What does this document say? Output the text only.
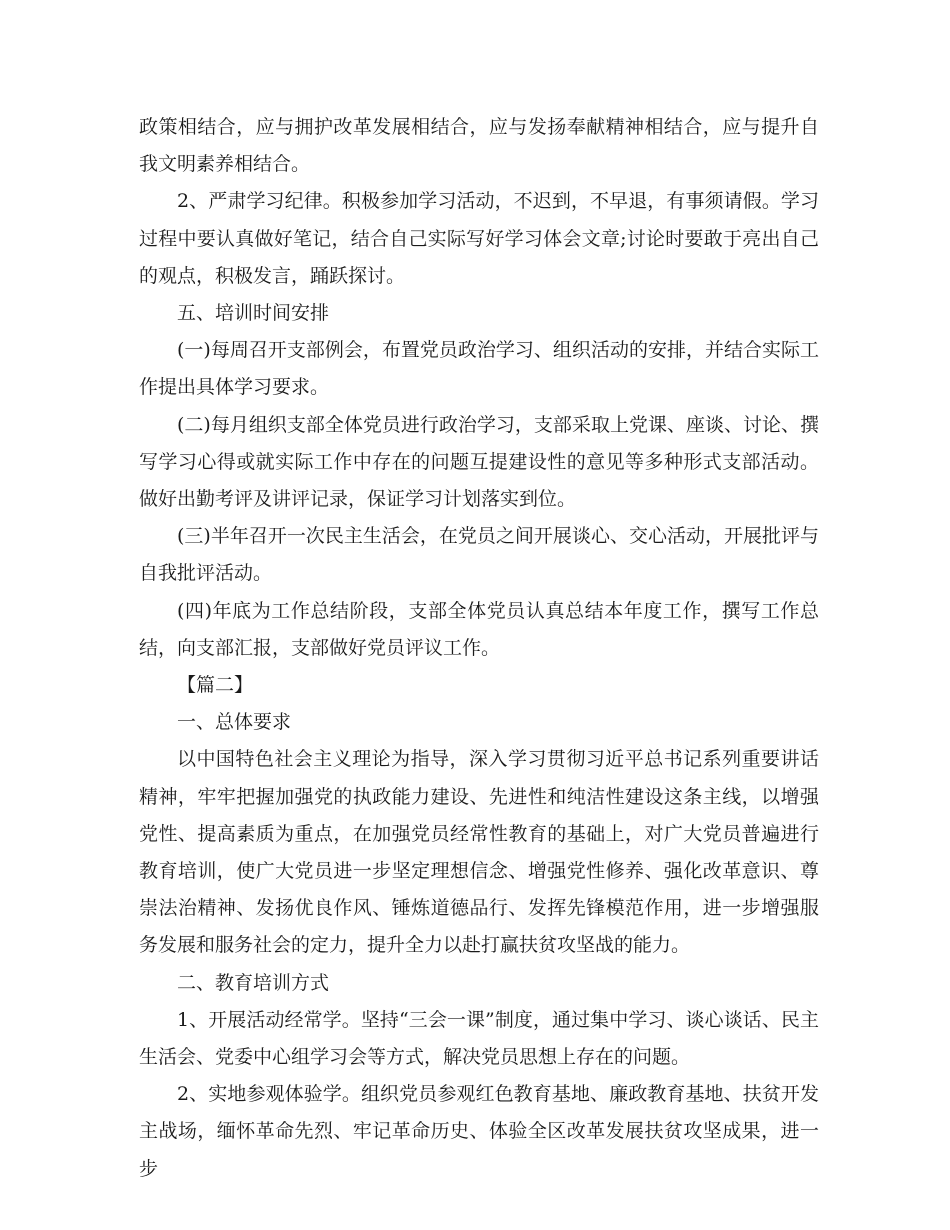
政策相结合，应与拥护改革发展相结合，应与发扬奉献精神相结合，应与提升自我文明素养相结合。

2、严肃学习纪律。积极参加学习活动，不迟到，不早退，有事须请假。学习过程中要认真做好笔记，结合自己实际写好学习体会文章;讨论时要敢于亮出自己的观点，积极发言，踊跃探讨。

五、培训时间安排

(一)每周召开支部例会，布置党员政治学习、组织活动的安排，并结合实际工作提出具体学习要求。

(二)每月组织支部全体党员进行政治学习，支部采取上党课、座谈、讨论、撰写学习心得或就实际工作中存在的问题互提建设性的意见等多种形式支部活动。做好出勤考评及讲评记录，保证学习计划落实到位。

(三)半年召开一次民主生活会，在党员之间开展谈心、交心活动，开展批评与自我批评活动。

(四)年底为工作总结阶段，支部全体党员认真总结本年度工作，撰写工作总结，向支部汇报，支部做好党员评议工作。

【篇二】

一、总体要求

以中国特色社会主义理论为指导，深入学习贯彻习近平总书记系列重要讲话精神，牢牢把握加强党的执政能力建设、先进性和纯洁性建设这条主线，以增强党性、提高素质为重点，在加强党员经常性教育的基础上，对广大党员普遍进行教育培训，使广大党员进一步坚定理想信念、增强党性修养、强化改革意识、尊崇法治精神、发扬优良作风、锤炼道德品行、发挥先锋模范作用，进一步增强服务发展和服务社会的定力，提升全力以赴打赢扶贫攻坚战的能力。

二、教育培训方式

1、开展活动经常学。坚持“三会一课”制度，通过集中学习、谈心谈话、民主生活会、党委中心组学习会等方式，解决党员思想上存在的问题。

2、实地参观体验学。组织党员参观红色教育基地、廉政教育基地、扶贫开发主战场，缅怀革命先烈、牢记革命历史、体验全区改革发展扶贫攻坚成果，进一步
